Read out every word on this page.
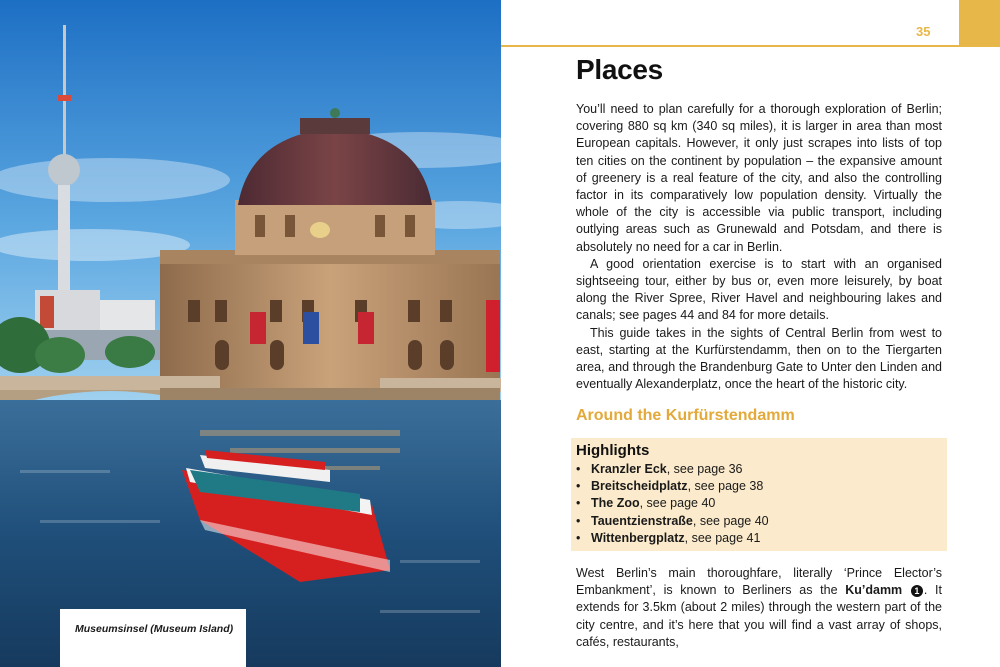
Museumsinsel (Museum Island)
35
Places

You’ll need to plan carefully for a thorough exploration of Berlin; covering 880 sq km (340 sq miles), it is larger in area than most European capitals. However, it only just scrapes into lists of top ten cities on the continent by population – the expansive amount of greenery is a real feature of the city, and also the controlling factor in its comparatively low population density. Virtually the whole of the city is accessible via public transport, including outlying areas such as Grunewald and Potsdam, and there is absolutely no need for a car in Berlin.

A good orientation exercise is to start with an organised sightseeing tour, either by bus or, even more leisurely, by boat along the River Spree, River Havel and neighbouring lakes and canals; see pages 44 and 84 for more details.

This guide takes in the sights of Central Berlin from west to east, starting at the Kurfürstendamm, then on to the Tiergarten area, and through the Brandenburg Gate to Unter den Linden and eventually Alexanderplatz, once the heart of the historic city.

Around the Kurfürstendamm
Highlights
• Kranzler Eck, see page 36
• Breitscheidplatz, see page 38
• The Zoo, see page 40
• Tauentzienstraße, see page 40
• Wittenbergplatz, see page 41

West Berlin’s main thoroughfare, literally ‘Prince Elector’s Embankment’, is known to Berliners as the Ku’damm 1 . It extends for 3.5km (about 2 miles) through the western part of the city centre, and it’s here that you will find a vast array of shops, cafés, restaurants,
